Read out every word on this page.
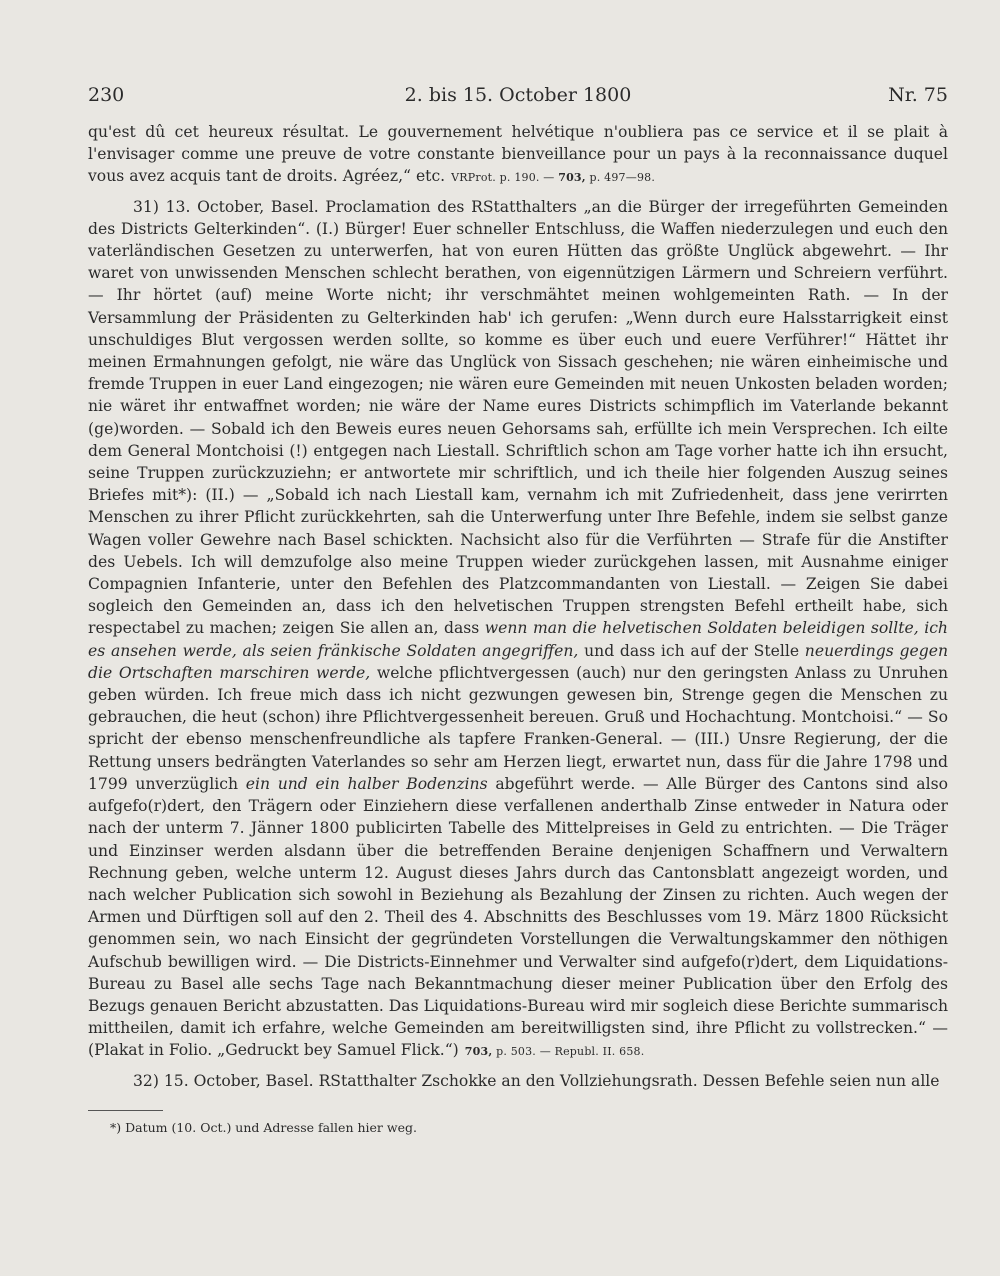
230	2. bis 15. October 1800	Nr. 75

qu'est dû cet heureux résultat. Le gouvernement helvétique n'oubliera pas ce service et il se plait à l'envisager comme une preuve de votre constante bienveillance pour un pays à la reconnaissance duquel vous avez acquis tant de droits. Agréez,“ etc. VRProt. p. 190. — 703, p. 497—98.

31) 13. October, Basel. Proclamation des RStatthalters „an die Bürger der irregeführten Gemeinden des Districts Gelterkinden“. (I.) Bürger! Euer schneller Entschluss, die Waffen niederzulegen und euch den vaterländischen Gesetzen zu unterwerfen, hat von euren Hütten das größte Unglück abgewehrt. — Ihr waret von unwissenden Menschen schlecht berathen, von eigennützigen Lärmern und Schreiern verführt. — Ihr hörtet (auf) meine Worte nicht; ihr verschmähtet meinen wohlgemeinten Rath. — In der Versammlung der Präsidenten zu Gelterkinden hab' ich gerufen: „Wenn durch eure Halsstarrigkeit einst unschuldiges Blut vergossen werden sollte, so komme es über euch und euere Verführer!“ Hättet ihr meinen Ermahnungen gefolgt, nie wäre das Unglück von Sissach geschehen; nie wären einheimische und fremde Truppen in euer Land eingezogen; nie wären eure Gemeinden mit neuen Unkosten beladen worden; nie wäret ihr entwaffnet worden; nie wäre der Name eures Districts schimpflich im Vaterlande bekannt (ge)worden. — Sobald ich den Beweis eures neuen Gehorsams sah, erfüllte ich mein Versprechen. Ich eilte dem General Montchoisi (!) entgegen nach Liestall. Schriftlich schon am Tage vorher hatte ich ihn ersucht, seine Truppen zurückzuziehn; er antwortete mir schriftlich, und ich theile hier folgenden Auszug seines Briefes mit*): (II.) — „Sobald ich nach Liestall kam, vernahm ich mit Zufriedenheit, dass jene verirrten Menschen zu ihrer Pflicht zurückkehrten, sah die Unterwerfung unter Ihre Befehle, indem sie selbst ganze Wagen voller Gewehre nach Basel schickten. Nachsicht also für die Verführten — Strafe für die Anstifter des Uebels. Ich will demzufolge also meine Truppen wieder zurückgehen lassen, mit Ausnahme einiger Compagnien Infanterie, unter den Befehlen des Platzcommandanten von Liestall. — Zeigen Sie dabei sogleich den Gemeinden an, dass ich den helvetischen Truppen strengsten Befehl ertheilt habe, sich respectabel zu machen; zeigen Sie allen an, dass wenn man die helvetischen Soldaten beleidigen sollte, ich es ansehen werde, als seien fränkische Soldaten angegriffen, und dass ich auf der Stelle neuerdings gegen die Ortschaften marschiren werde, welche pflichtvergessen (auch) nur den geringsten Anlass zu Unruhen geben würden. Ich freue mich dass ich nicht gezwungen gewesen bin, Strenge gegen die Menschen zu gebrauchen, die heut (schon) ihre Pflichtvergessenheit bereuen. Gruß und Hochachtung. Montchoisi.“ — So spricht der ebenso menschenfreundliche als tapfere Franken-General. — (III.) Unsre Regierung, der die Rettung unsers bedrängten Vaterlandes so sehr am Herzen liegt, erwartet nun, dass für die Jahre 1798 und 1799 unverzüglich ein und ein halber Bodenzins abgeführt werde. — Alle Bürger des Cantons sind also aufgefo(r)dert, den Trägern oder Einziehern diese verfallenen anderthalb Zinse entweder in Natura oder nach der unterm 7. Jänner 1800 publicirten Tabelle des Mittelpreises in Geld zu entrichten. — Die Träger und Einzinser werden alsdann über die betreffenden Beraine denjenigen Schaffnern und Verwaltern Rechnung geben, welche unterm 12. August dieses Jahrs durch das Cantonsblatt angezeigt worden, und nach welcher Publication sich sowohl in Beziehung als Bezahlung der Zinsen zu richten. Auch wegen der Armen und Dürftigen soll auf den 2. Theil des 4. Abschnitts des Beschlusses vom 19. März 1800 Rücksicht genommen sein, wo nach Einsicht der gegründeten Vorstellungen die Verwaltungskammer den nöthigen Aufschub bewilligen wird. — Die Districts-Einnehmer und Verwalter sind aufgefo(r)dert, dem Liquidations-Bureau zu Basel alle sechs Tage nach Bekanntmachung dieser meiner Publication über den Erfolg des Bezugs genauen Bericht abzustatten. Das Liquidations-Bureau wird mir sogleich diese Berichte summarisch mittheilen, damit ich erfahre, welche Gemeinden am bereitwilligsten sind, ihre Pflicht zu vollstrecken.“ — (Plakat in Folio. „Gedruckt bey Samuel Flick.“) 703, p. 503. — Republ. II. 658.

32) 15. October, Basel. RStatthalter Zschokke an den Vollziehungsrath. Dessen Befehle seien nun alle

*) Datum (10. Oct.) und Adresse fallen hier weg.
